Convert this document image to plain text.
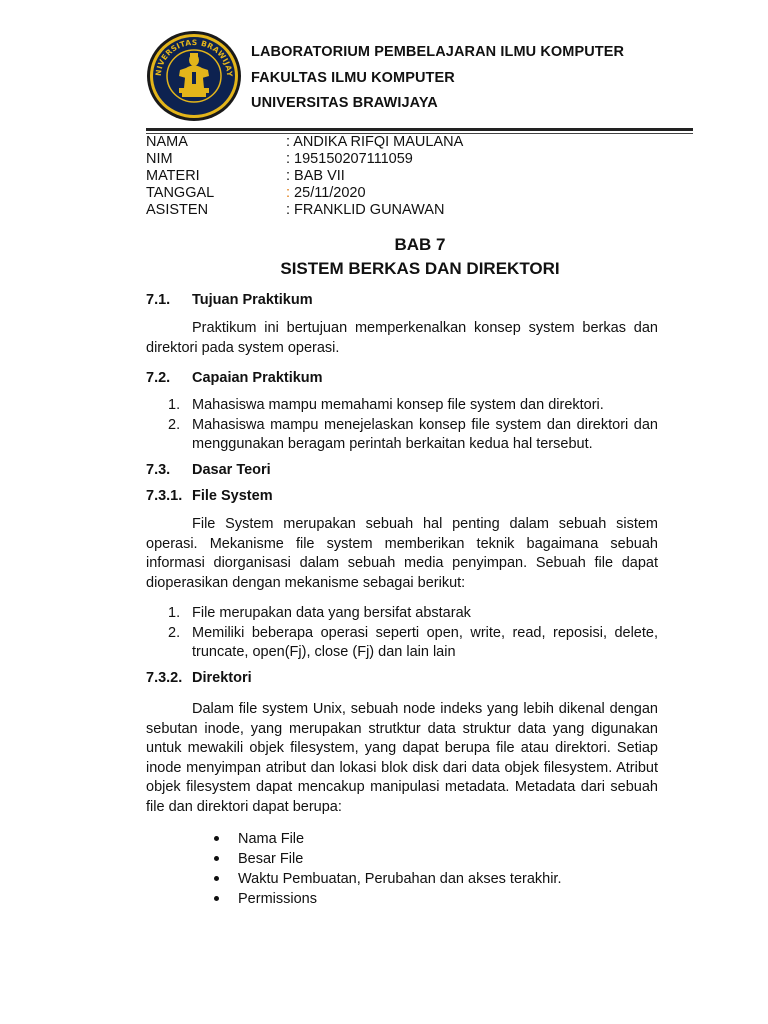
NIVERSITAS BRAWIJAY
LABORATORIUM PEMBELAJARAN ILMU KOMPUTER
FAKULTAS ILMU KOMPUTER
UNIVERSITAS BRAWIJAYA
NAMA	: ANDIKA RIFQI MAULANA
NIM	: 195150207111059
MATERI	: BAB VII
TANGGAL	: 25/11/2020
ASISTEN	: FRANKLID GUNAWAN
BAB 7
SISTEM BERKAS DAN DIREKTORI
7.1. Tujuan Praktikum
Praktikum ini bertujuan memperkenalkan konsep system berkas dan direktori pada system operasi.
7.2. Capaian Praktikum
1. Mahasiswa mampu memahami konsep file system dan direktori.
2. Mahasiswa mampu menejelaskan konsep file system dan direktori dan menggunakan beragam perintah berkaitan kedua hal tersebut.
7.3. Dasar Teori
7.3.1. File System
File System merupakan sebuah hal penting dalam sebuah sistem operasi. Mekanisme file system memberikan teknik bagaimana sebuah informasi diorganisasi dalam sebuah media penyimpan. Sebuah file dapat dioperasikan dengan mekanisme sebagai berikut:
1. File merupakan data yang bersifat abstarak
2. Memiliki beberapa operasi seperti open, write, read, reposisi, delete, truncate, open(Fj), close (Fj) dan lain lain
7.3.2. Direktori
Dalam file system Unix, sebuah node indeks yang lebih dikenal dengan sebutan inode, yang merupakan strutktur data struktur data yang digunakan untuk mewakili objek filesystem, yang dapat berupa file atau direktori. Setiap inode menyimpan atribut dan lokasi blok disk dari data objek filesystem. Atribut objek filesystem dapat mencakup manipulasi metadata. Metadata dari sebuah file dan direktori dapat berupa:
Nama File
Besar File
Waktu Pembuatan, Perubahan dan akses terakhir.
Permissions
